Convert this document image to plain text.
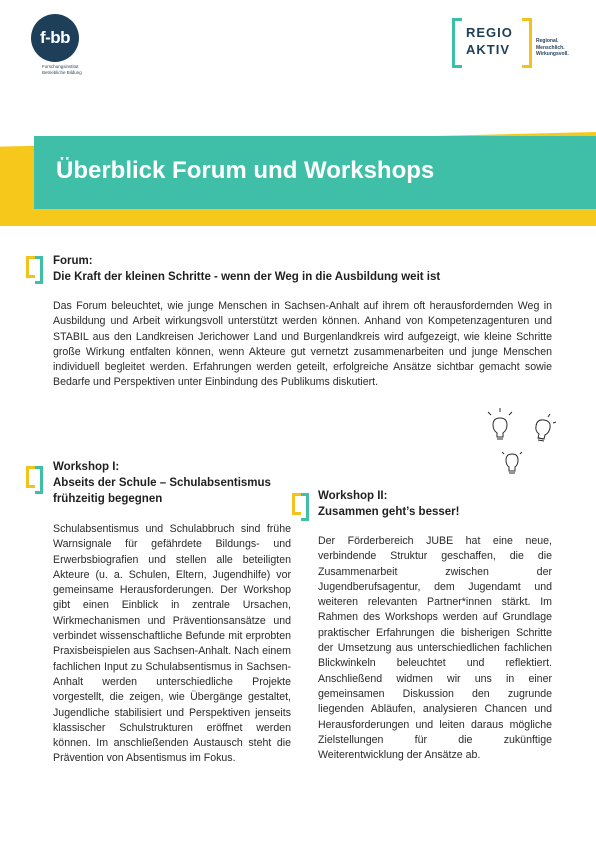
f-bb
Forschungsinstitut Betriebliche Bildung
REGIO
AKTIV
Regional.
Menschlich.
Wirkungsvoll.
Überblick Forum und Workshops
Forum:
Die Kraft der kleinen Schritte - wenn der Weg in die Ausbildung weit ist

Das Forum beleuchtet, wie junge Menschen in Sachsen-Anhalt auf ihrem oft herausfordernden Weg in Ausbildung und Arbeit wirkungsvoll unterstützt werden können. Anhand von Kompetenzagenturen und STABIL aus den Landkreisen Jerichower Land und Burgenlandkreis wird aufgezeigt, wie kleine Schritte große Wirkung entfalten können, wenn Akteure gut vernetzt zusammenarbeiten und junge Menschen individuell begleitet werden. Erfahrungen werden geteilt, erfolgreiche Ansätze sichtbar gemacht sowie Bedarfe und Perspektiven unter Einbindung des Publikums diskutiert.

Workshop I:
Abseits der Schule – Schulabsentismus
frühzeitig begegnen

Schulabsentismus und Schulabbruch sind frühe Warnsignale für gefährdete Bildungs- und Erwerbsbiografien und stellen alle beteiligten Akteure (u. a. Schulen, Eltern, Jugendhilfe) vor gemeinsame Herausforderungen. Der Workshop gibt einen Einblick in zentrale Ursachen, Wirkmechanismen und Präventionsansätze und verbindet wissenschaftliche Befunde mit erprobten Praxisbeispielen aus Sachsen-Anhalt. Nach einem fachlichen Input zu Schulabsentismus in Sachsen-Anhalt werden unterschiedliche Projekte vorgestellt, die zeigen, wie Übergänge gestaltet, Jugendliche stabilisiert und Perspektiven jenseits klassischer Schulstrukturen eröffnet werden können. Im anschließenden Austausch steht die Prävention von Absentismus im Fokus.

Workshop II:
Zusammen geht’s besser!

Der Förderbereich JUBE hat eine neue, verbindende Struktur geschaffen, die die Zusammenarbeit zwischen der Jugendberufsagentur, dem Jugendamt und weiteren relevanten Partner*innen stärkt. Im Rahmen des Workshops werden auf Grundlage praktischer Erfahrungen die bisherigen Schritte der Umsetzung aus unterschiedlichen fachlichen Blickwinkeln beleuchtet und reflektiert. Anschließend widmen wir uns in einer gemeinsamen Diskussion den zugrunde liegenden Abläufen, analysieren Chancen und Herausforderungen und leiten daraus mögliche Zielstellungen für die zukünftige Weiterentwicklung der Ansätze ab.
